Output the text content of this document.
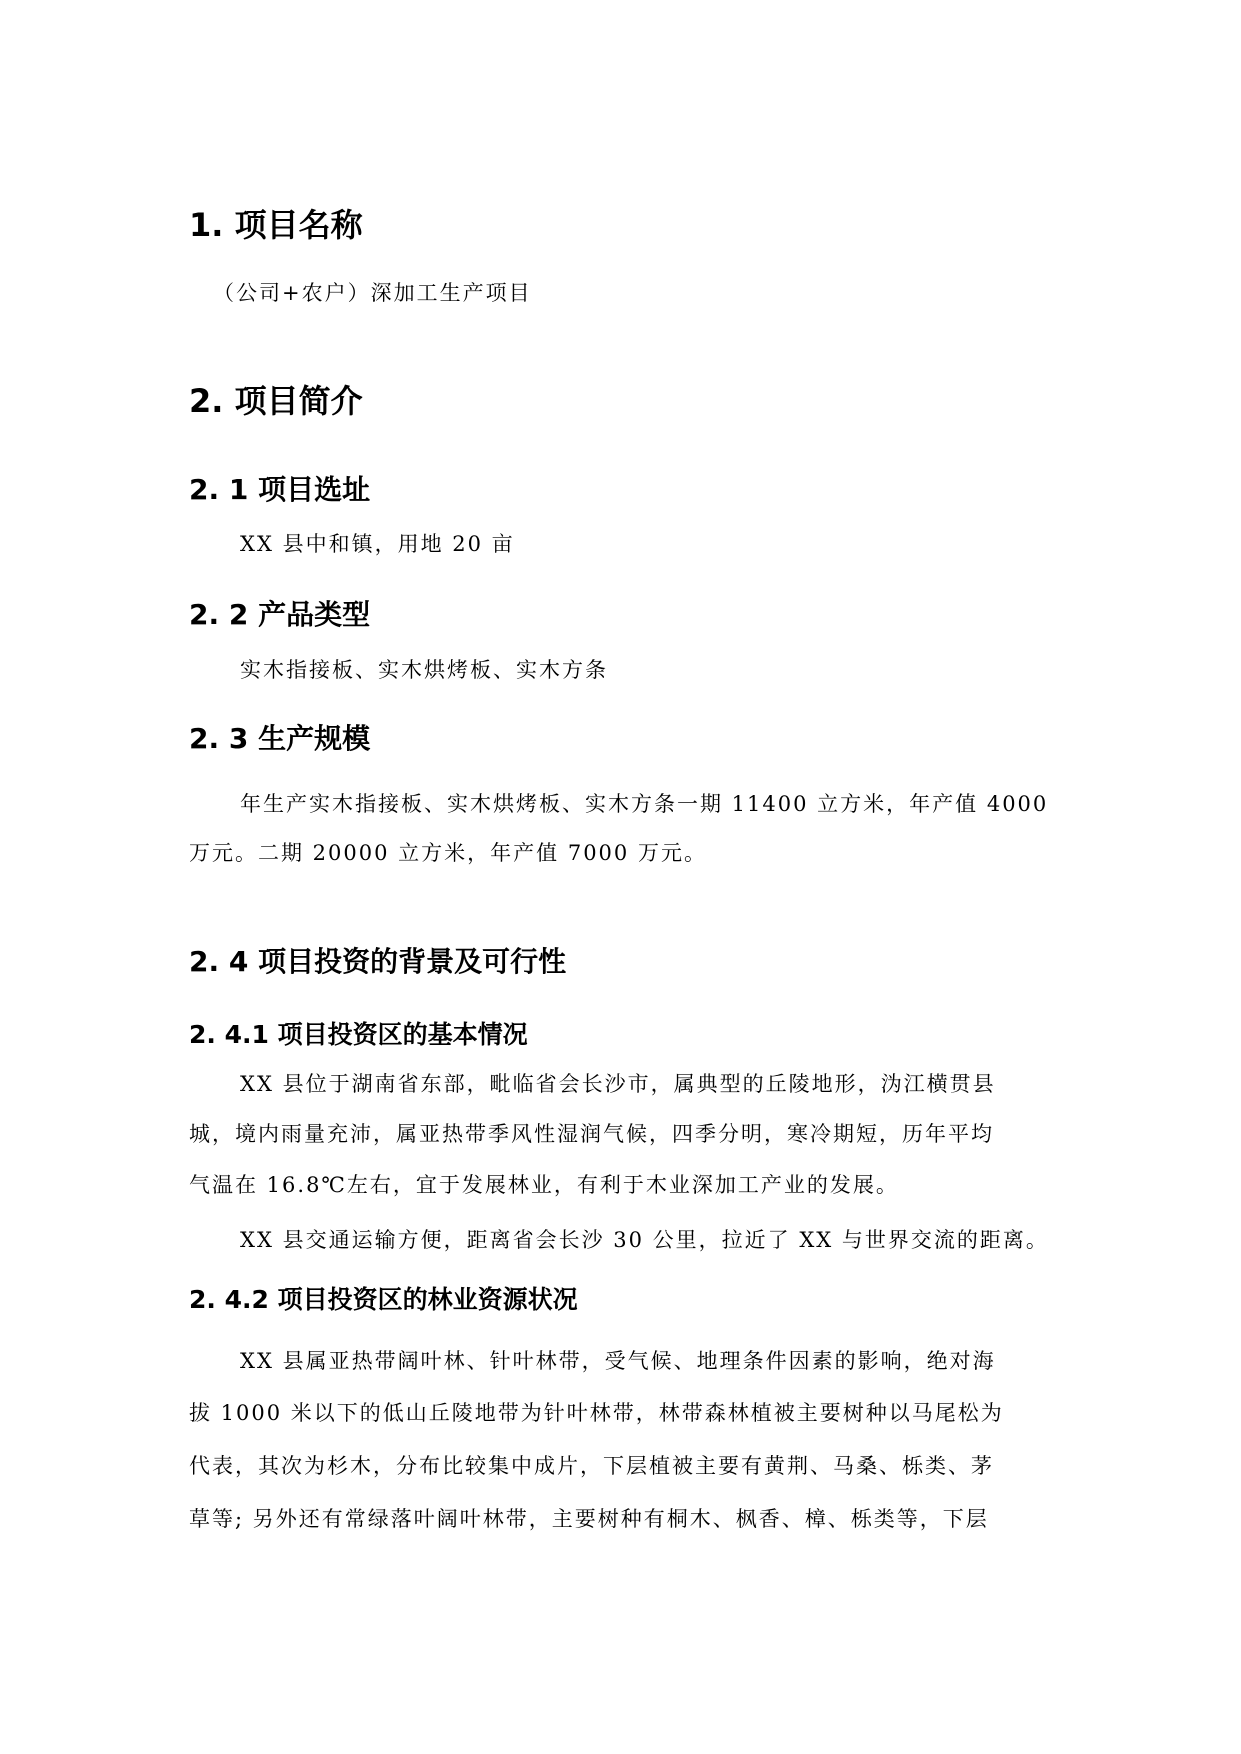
1. 项目名称
（公司+农户）深加工生产项目
2. 项目简介
2. 1 项目选址
XX 县中和镇，用地 20 亩
2. 2 产品类型
实木指接板、实木烘烤板、实木方条
2. 3 生产规模
年生产实木指接板、实木烘烤板、实木方条一期 11400 立方米，年产值 4000
万元。二期 20000 立方米，年产值 7000 万元。
2. 4 项目投资的背景及可行性
2. 4.1 项目投资区的基本情况
XX 县位于湖南省东部，毗临省会长沙市，属典型的丘陵地形，沩江横贯县
城，境内雨量充沛，属亚热带季风性湿润气候，四季分明，寒冷期短，历年平均
气温在 16.8℃左右，宜于发展林业，有利于木业深加工产业的发展。
XX 县交通运输方便，距离省会长沙 30 公里，拉近了 XX 与世界交流的距离。
2. 4.2 项目投资区的林业资源状况
XX 县属亚热带阔叶林、针叶林带，受气候、地理条件因素的影响，绝对海
拔 1000 米以下的低山丘陵地带为针叶林带，林带森林植被主要树种以马尾松为
代表，其次为杉木，分布比较集中成片，下层植被主要有黄荆、马桑、栎类、茅
草等; 另外还有常绿落叶阔叶林带，主要树种有桐木、枫香、樟、栎类等，下层
